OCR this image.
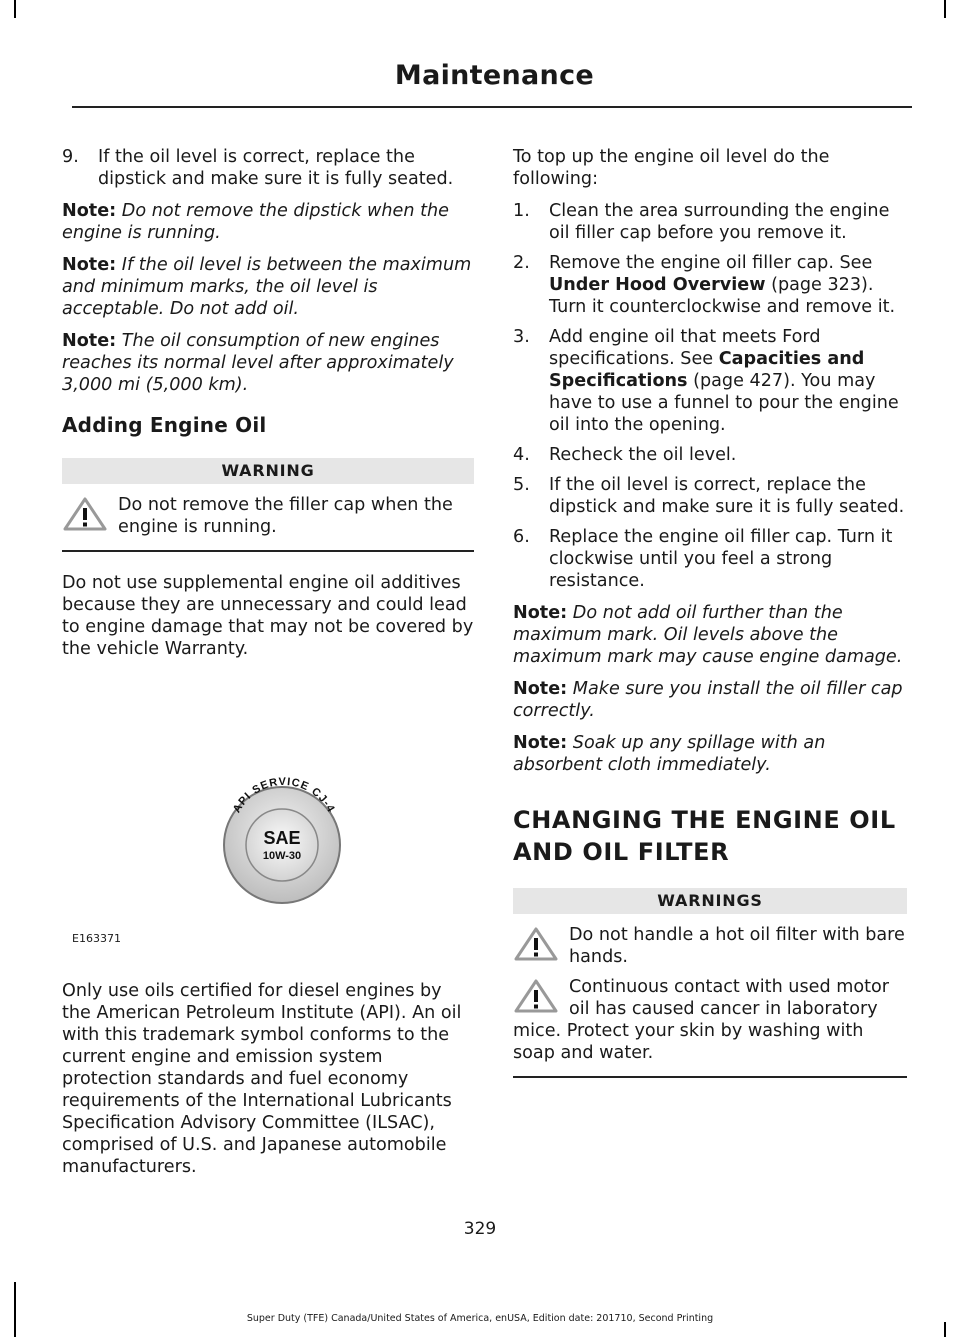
Maintenance
9. If the oil level is correct, replace the dipstick and make sure it is fully seated.

Note: Do not remove the dipstick when the engine is running.

Note: If the oil level is between the maximum and minimum marks, the oil level is acceptable. Do not add oil.

Note: The oil consumption of new engines reaches its normal level after approximately 3,000 mi (5,000 km).

Adding Engine Oil
WARNING
Do not remove the filler cap when the engine is running.

Do not use supplemental engine oil additives because they are unnecessary and could lead to engine damage that may not be covered by the vehicle Warranty.

API SERVICE CJ-4
SAE
10W-30
E163371

Only use oils certified for diesel engines by the American Petroleum Institute (API). An oil with this trademark symbol conforms to the current engine and emission system protection standards and fuel economy requirements of the International Lubricants Specification Advisory Committee (ILSAC), comprised of U.S. and Japanese automobile manufacturers.

To top up the engine oil level do the following:

1. Clean the area surrounding the engine oil filler cap before you remove it.
2. Remove the engine oil filler cap. See Under Hood Overview (page 323). Turn it counterclockwise and remove it.
3. Add engine oil that meets Ford specifications. See Capacities and Specifications (page 427). You may have to use a funnel to pour the engine oil into the opening.
4. Recheck the oil level.
5. If the oil level is correct, replace the dipstick and make sure it is fully seated.
6. Replace the engine oil filler cap. Turn it clockwise until you feel a strong resistance.

Note: Do not add oil further than the maximum mark. Oil levels above the maximum mark may cause engine damage.

Note: Make sure you install the oil filler cap correctly.

Note: Soak up any spillage with an absorbent cloth immediately.

CHANGING THE ENGINE OIL
AND OIL FILTER
WARNINGS
Do not handle a hot oil filter with bare hands.
Continuous contact with used motor oil has caused cancer in laboratory mice. Protect your skin by washing with soap and water.
329
Super Duty (TFE) Canada/United States of America, enUSA, Edition date: 201710, Second Printing
